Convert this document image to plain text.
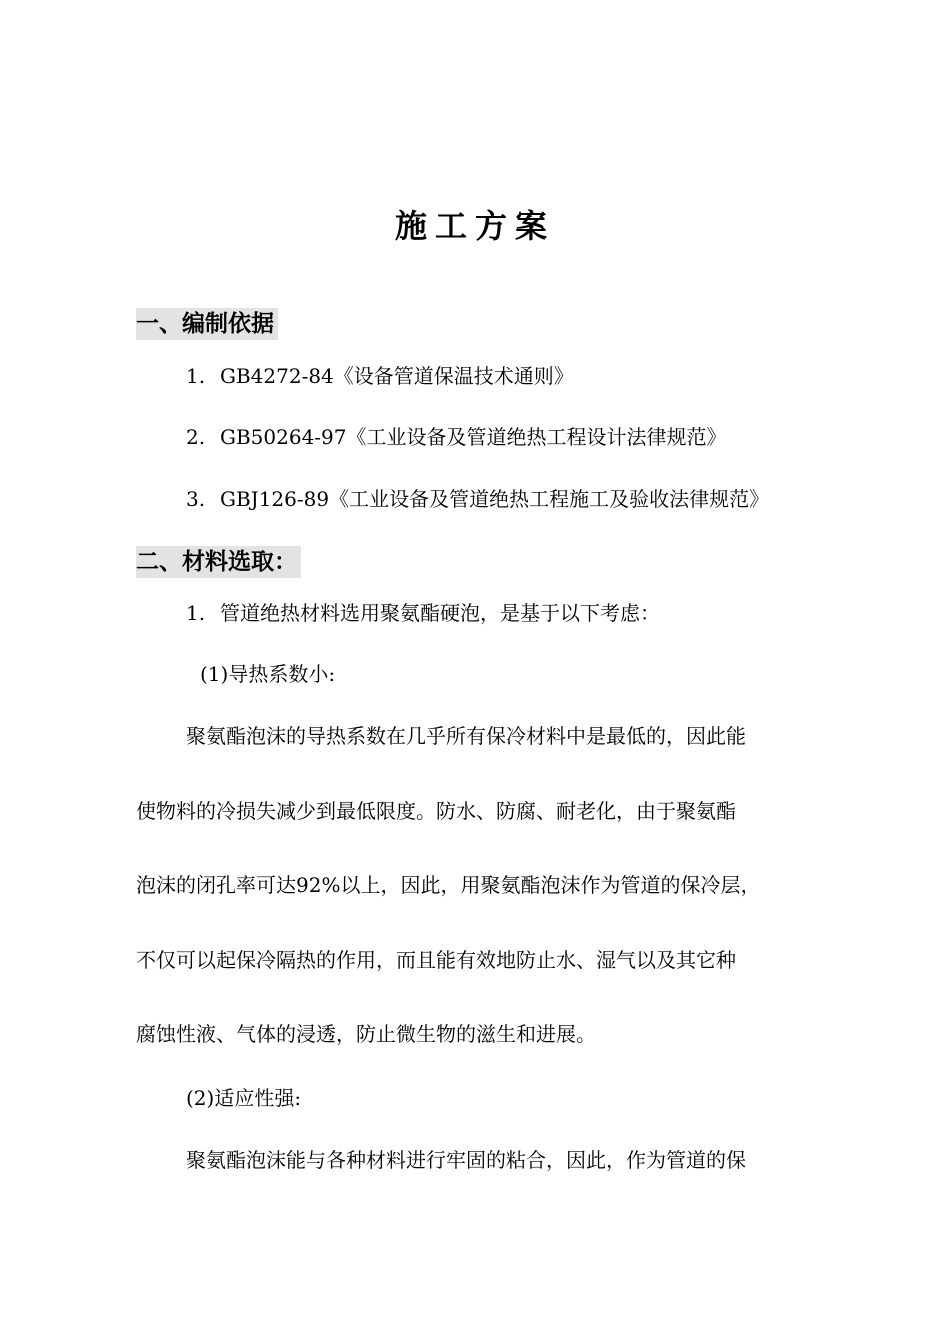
施工方案
一、编制依据
1. GB4272-84《设备管道保温技术通则》
2. GB50264-97《工业设备及管道绝热工程设计法律规范》
3. GBJ126-89《工业设备及管道绝热工程施工及验收法律规范》
二、材料选取：
1. 管道绝热材料选用聚氨酯硬泡，是基于以下考虑：
(1)导热系数小:
聚氨酯泡沫的导热系数在几乎所有保冷材料中是最低的，因此能
使物料的冷损失减少到最低限度。防水、防腐、耐老化，由于聚氨酯
泡沫的闭孔率可达92%以上，因此，用聚氨酯泡沫作为管道的保冷层，
不仅可以起保冷隔热的作用，而且能有效地防止水、湿气以及其它种
腐蚀性液、气体的浸透，防止微生物的滋生和进展。
(2)适应性强:
聚氨酯泡沫能与各种材料进行牢固的粘合，因此，作为管道的保
